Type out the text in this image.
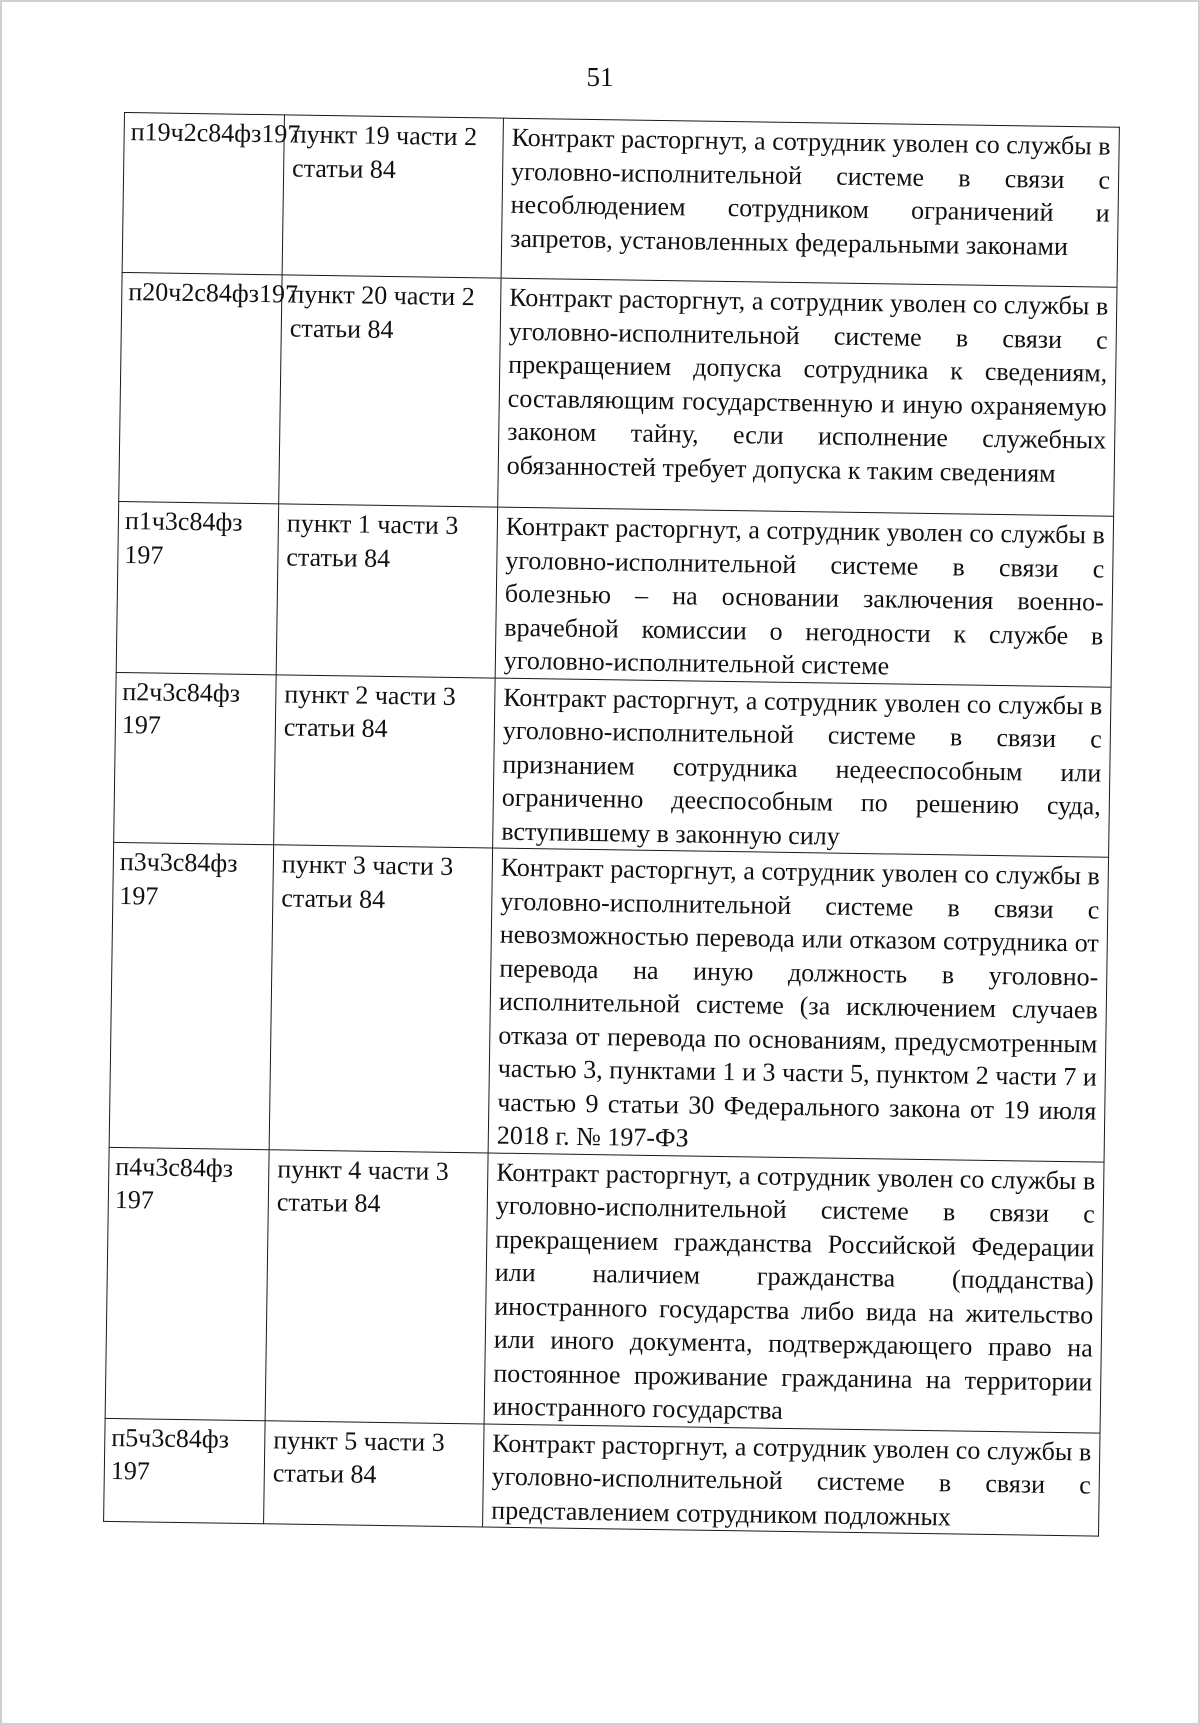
51
п19ч2с84фз197	пункт 19 части 2 статьи 84	Контракт расторгнут, а сотрудник уволен со службы в уголовно-исполнительной системе в связи с несоблюдением сотрудником ограничений и запретов, установленных федеральными законами
п20ч2с84фз197	пункт 20 части 2 статьи 84	Контракт расторгнут, а сотрудник уволен со службы в уголовно-исполнительной системе в связи с прекращением допуска сотрудника к сведениям, составляющим государственную и иную охраняемую законом тайну, если исполнение служебных обязанностей требует допуска к таким сведениям
п1ч3с84фз 197	пункт 1 части 3 статьи 84	Контракт расторгнут, а сотрудник уволен со службы в уголовно-исполнительной системе в связи с болезнью – на основании заключения военно-врачебной комиссии о негодности к службе в уголовно-исполнительной системе
п2ч3с84фз 197	пункт 2 части 3 статьи 84	Контракт расторгнут, а сотрудник уволен со службы в уголовно-исполнительной системе в связи с признанием сотрудника недееспособным или ограниченно дееспособным по решению суда, вступившему в законную силу
п3ч3с84фз 197	пункт 3 части 3 статьи 84	Контракт расторгнут, а сотрудник уволен со службы в уголовно-исполнительной системе в связи с невозможностью перевода или отказом сотрудника от перевода на иную должность в уголовно-исполнительной системе (за исключением случаев отказа от перевода по основаниям, предусмотренным частью 3, пунктами 1 и 3 части 5, пунктом 2 части 7 и частью 9 статьи 30 Федерального закона от 19 июля 2018 г. № 197-ФЗ
п4ч3с84фз 197	пункт 4 части 3 статьи 84	Контракт расторгнут, а сотрудник уволен со службы в уголовно-исполнительной системе в связи с прекращением гражданства Российской Федерации или наличием гражданства (подданства) иностранного государства либо вида на жительство или иного документа, подтверждающего право на постоянное проживание гражданина на территории иностранного государства
п5ч3с84фз 197	пункт 5 части 3 статьи 84	Контракт расторгнут, а сотрудник уволен со службы в уголовно-исполнительной системе в связи с представлением сотрудником подложных
